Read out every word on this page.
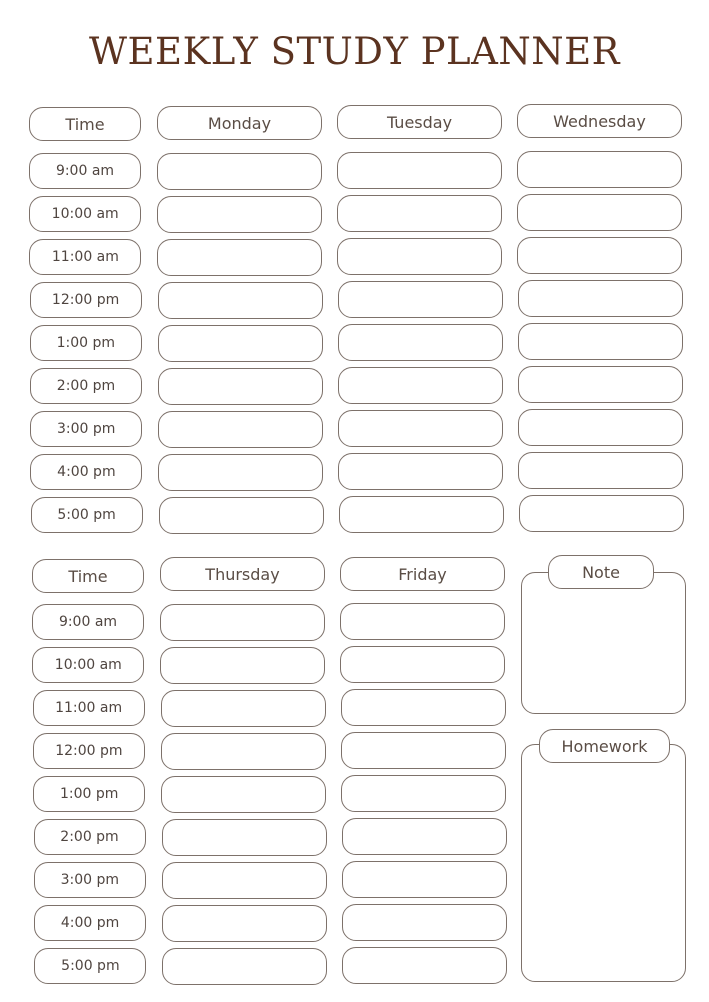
WEEKLY STUDY PLANNER
Time	Monday	Tuesday	Wednesday
9:00 am
10:00 am
11:00 am
12:00 pm
1:00 pm
2:00 pm
3:00 pm
4:00 pm
5:00 pm
Time	Thursday	Friday
9:00 am
10:00 am
11:00 am
12:00 pm
1:00 pm
2:00 pm
3:00 pm
4:00 pm
5:00 pm
Note
Homework
